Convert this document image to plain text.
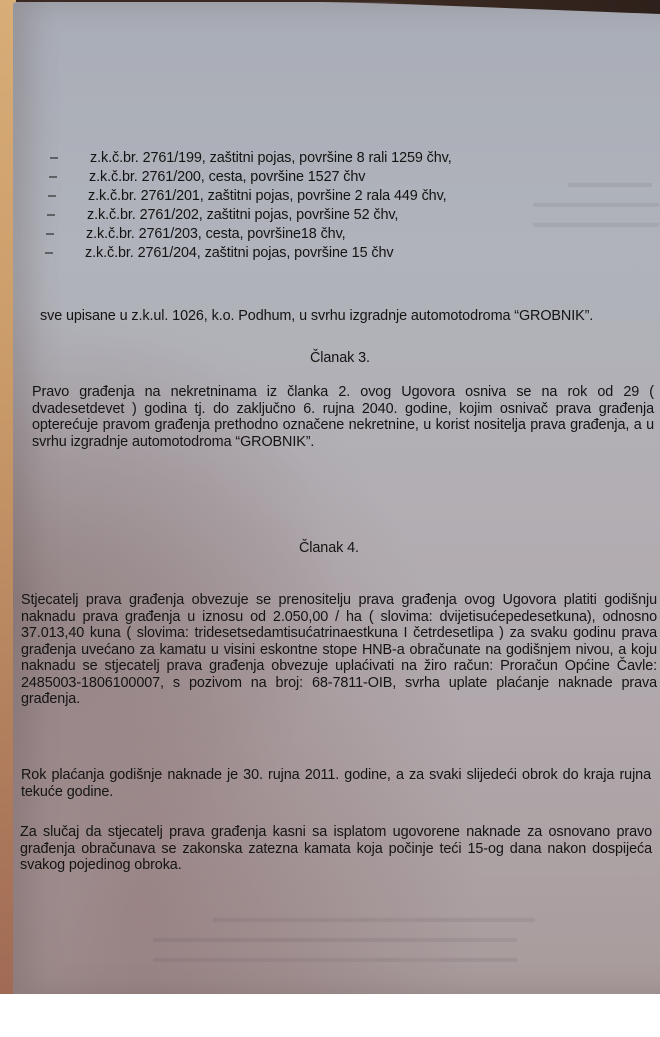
▬▬▬▬▬▬
▬▬▬▬▬▬▬▬▬
▬▬▬▬▬▬▬▬▬
▬▬▬▬▬▬▬▬▬▬▬▬▬▬▬▬▬▬▬▬▬▬▬
▬▬▬▬▬▬▬▬▬▬▬▬▬▬▬▬▬▬▬▬▬▬▬▬▬▬
▬▬▬▬▬▬▬▬▬▬▬▬▬▬▬▬▬▬▬▬▬▬▬▬▬▬
– z.k.č.br. 2761/199, zaštitni pojas, površine 8 rali 1259 čhv,
– z.k.č.br. 2761/200, cesta, površine 1527 čhv
– z.k.č.br. 2761/201, zaštitni pojas, površine 2 rala 449 čhv,
– z.k.č.br. 2761/202, zaštitni pojas, površine 52 čhv,
– z.k.č.br. 2761/203, cesta, površine18 čhv,
– z.k.č.br. 2761/204, zaštitni pojas, površine 15 čhv
sve upisane u z.k.ul. 1026, k.o. Podhum, u svrhu izgradnje automotodroma “GROBNIK”.
Članak 3.
Pravo građenja na nekretninama iz članka 2. ovog Ugovora osniva se na rok od 29 ( dvadesetdevet ) godina tj. do zaključno 6. rujna 2040. godine, kojim osnivač prava građenja opterećuje pravom građenja prethodno označene nekretnine, u korist nositelja prava građenja, a u svrhu izgradnje automotodroma “GROBNIK”.
Članak 4.
Stjecatelj prava građenja obvezuje se prenositelju prava građenja ovog Ugovora platiti godišnju naknadu prava građenja u iznosu od 2.050,00 / ha ( slovima: dvijetisućepedesetkuna), odnosno 37.013,40 kuna ( slovima: tridesetsedamtisućatrinaestkuna I četrdesetlipa ) za svaku godinu prava građenja uvećano za kamatu u visini eskontne stope HNB-a obračunate na godišnjem nivou, a koju naknadu se stjecatelj prava građenja obvezuje uplaćivati na žiro račun: Proračun Općine Čavle: 2485003-1806100007, s pozivom na broj: 68-7811-OIB, svrha uplate plaćanje naknade prava građenja.
Rok plaćanja godišnje naknade je 30. rujna 2011. godine, a za svaki slijedeći obrok do kraja rujna tekuće godine.
Za slučaj da stjecatelj prava građenja kasni sa isplatom ugovorene naknade za osnovano pravo građenja obračunava se zakonska zatezna kamata koja počinje teći 15-og dana nakon dospijeća svakog pojedinog obroka.
